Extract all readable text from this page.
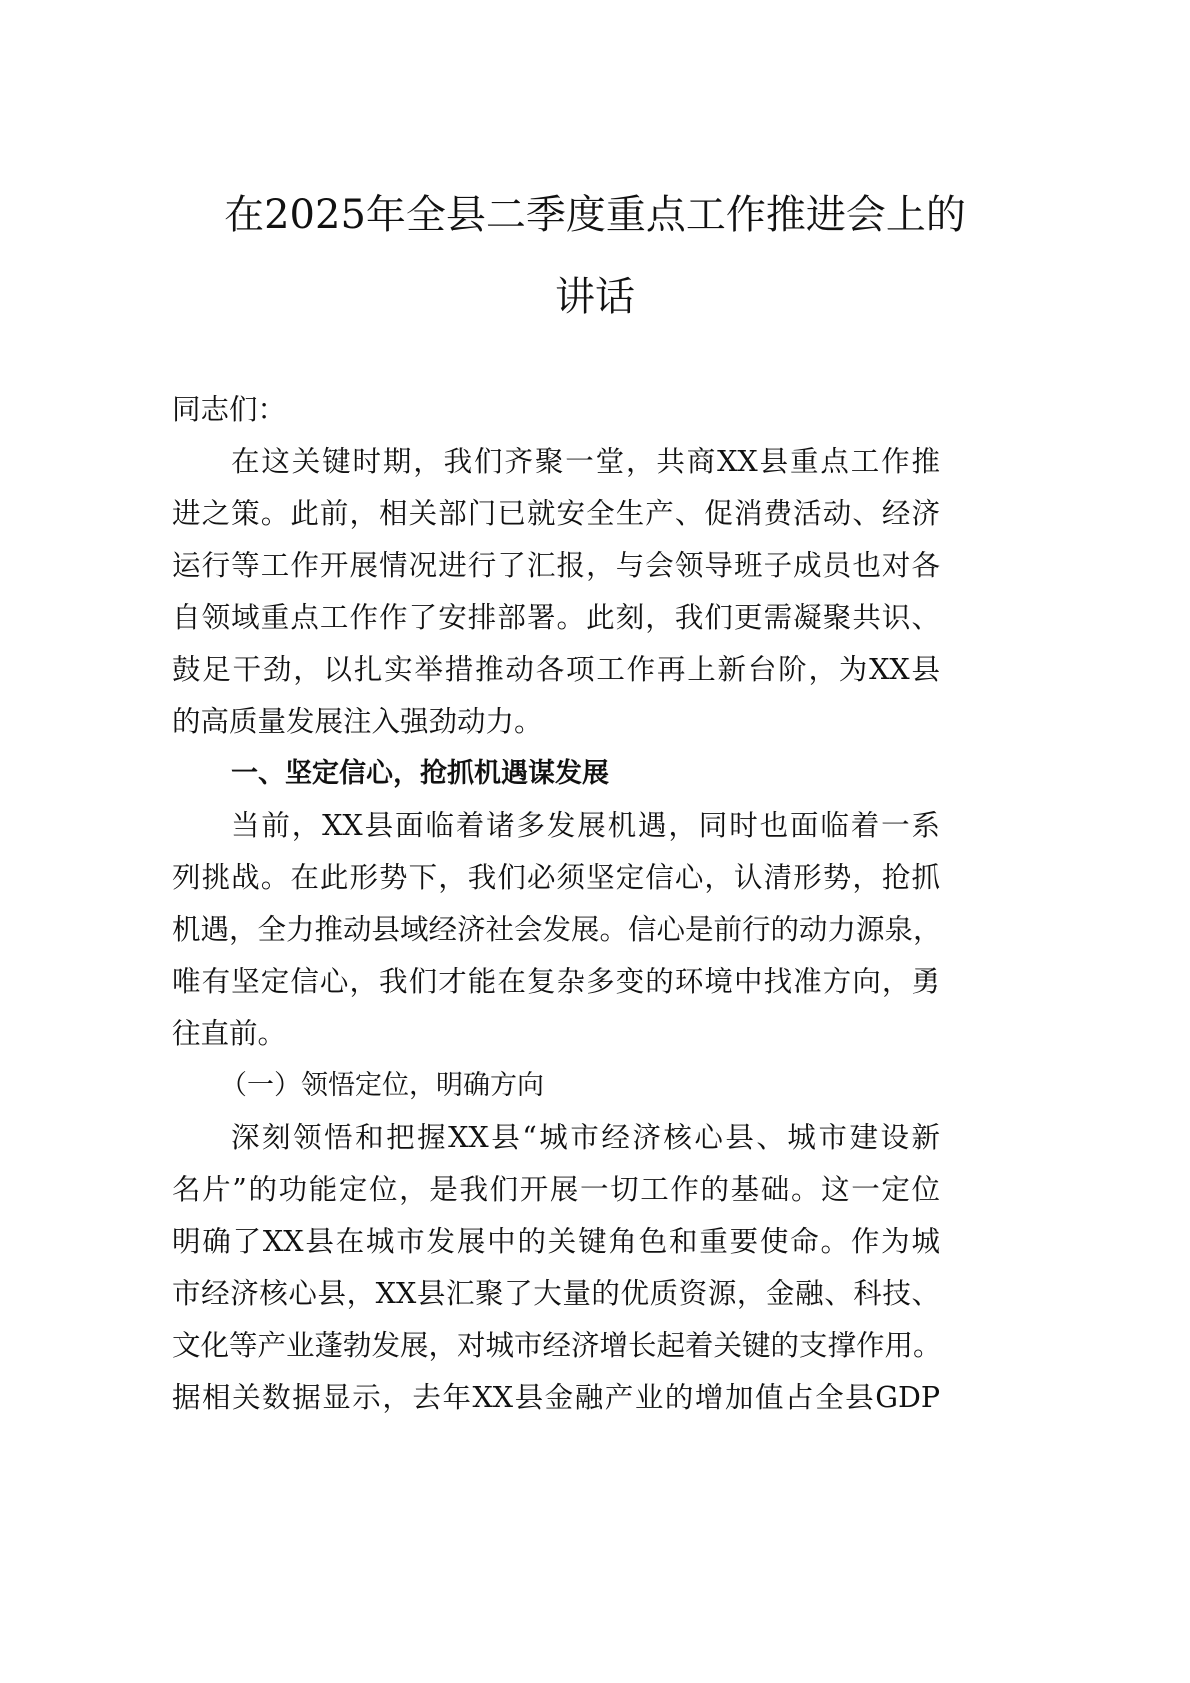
在2025年全县二季度重点工作推进会上的
讲话
同志们：
在这关键时期，我们齐聚一堂，共商XX县重点工作推
进之策。此前，相关部门已就安全生产、促消费活动、经济
运行等工作开展情况进行了汇报，与会领导班子成员也对各
自领域重点工作作了安排部署。此刻，我们更需凝聚共识、
鼓足干劲，以扎实举措推动各项工作再上新台阶，为XX县
的高质量发展注入强劲动力。
一、坚定信心，抢抓机遇谋发展
当前，XX县面临着诸多发展机遇，同时也面临着一系
列挑战。在此形势下，我们必须坚定信心，认清形势，抢抓
机遇，全力推动县域经济社会发展。信心是前行的动力源泉，
唯有坚定信心，我们才能在复杂多变的环境中找准方向，勇
往直前。
（一）领悟定位，明确方向
深刻领悟和把握XX县“城市经济核心县、城市建设新
名片”的功能定位，是我们开展一切工作的基础。这一定位
明确了XX县在城市发展中的关键角色和重要使命。作为城
市经济核心县，XX县汇聚了大量的优质资源，金融、科技、
文化等产业蓬勃发展，对城市经济增长起着关键的支撑作用。
据相关数据显示，去年XX县金融产业的增加值占全县GDP
